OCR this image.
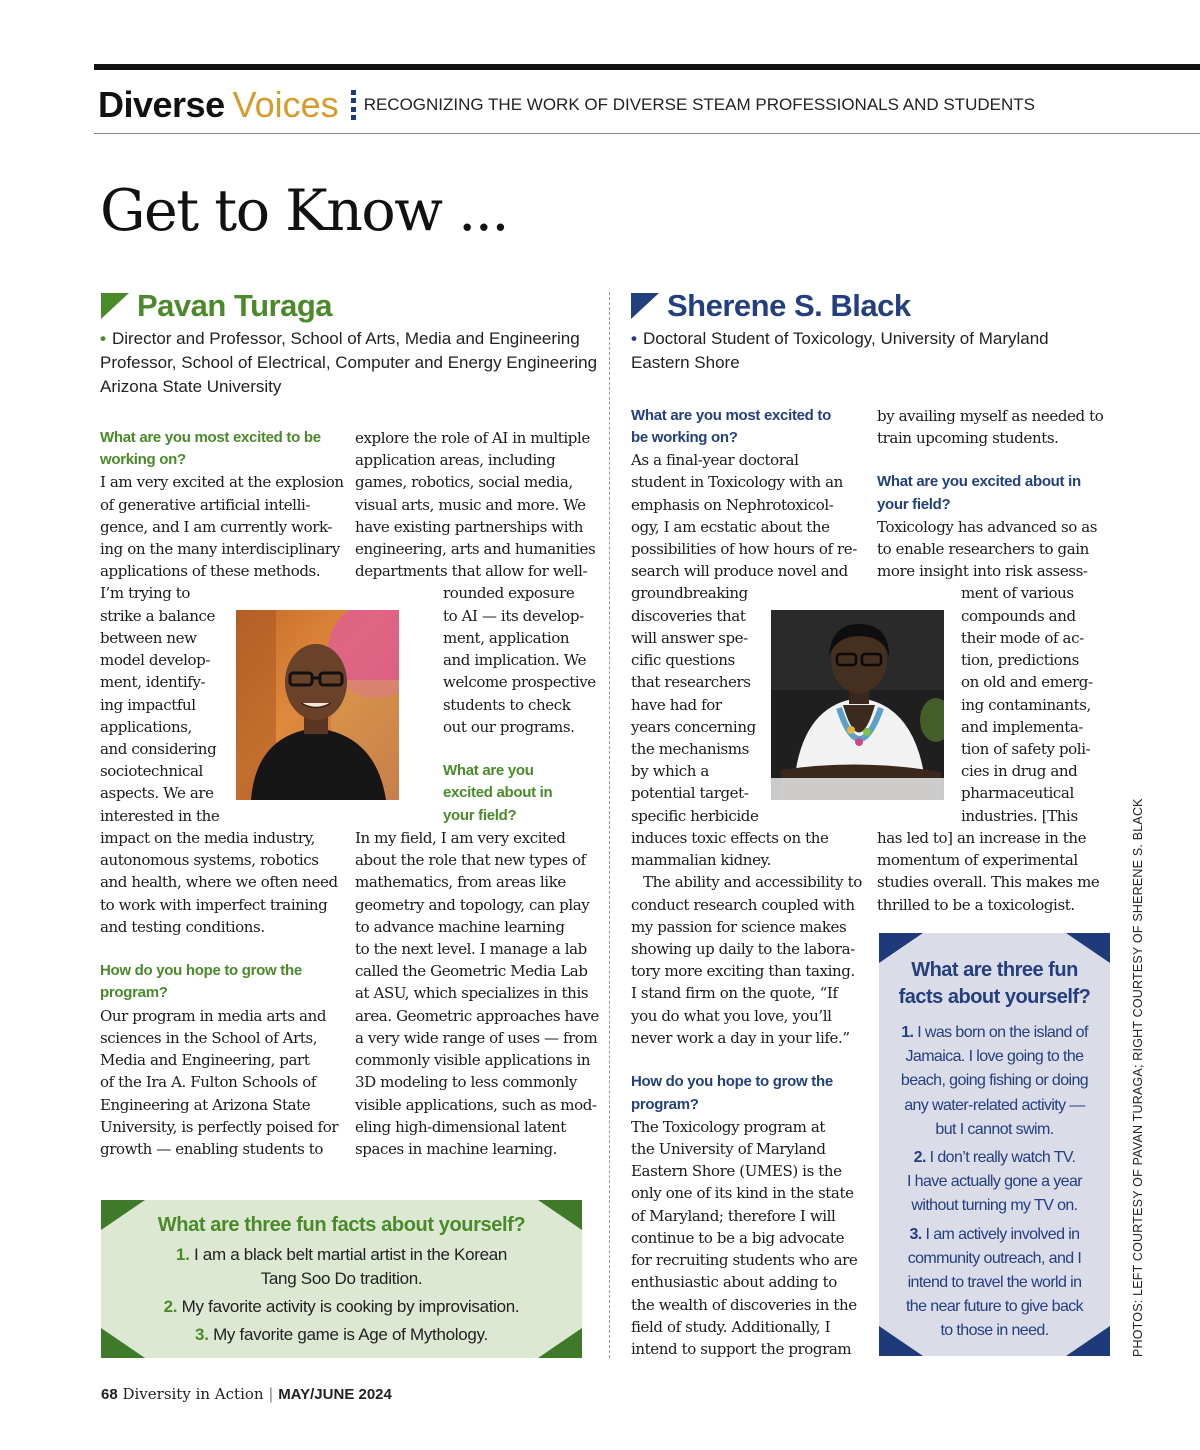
Diverse Voices RECOGNIZING THE WORK OF DIVERSE STEAM PROFESSIONALS AND STUDENTS
Get to Know ...
Pavan Turaga
• Director and Professor, School of Arts, Media and Engineering
Professor, School of Electrical, Computer and Energy Engineering
Arizona State University
What are you most excited to be
working on?
I am very excited at the explosion
of generative artificial intelli-
gence, and I am currently work-
ing on the many interdisciplinary
applications of these methods.
I’m trying to
strike a balance
between new
model develop-
ment, identify-
ing impactful
applications,
and considering
sociotechnical
aspects. We are
interested in the
impact on the media industry,
autonomous systems, robotics
and health, where we often need
to work with imperfect training
and testing conditions.
How do you hope to grow the
program?
Our program in media arts and
sciences in the School of Arts,
Media and Engineering, part
of the Ira A. Fulton Schools of
Engineering at Arizona State
University, is perfectly poised for
growth — enabling students to
explore the role of AI in multiple
application areas, including
games, robotics, social media,
visual arts, music and more. We
have existing partnerships with
engineering, arts and humanities
departments that allow for well-
rounded exposure
to AI — its develop-
ment, application
and implication. We
welcome prospective
students to check
out our programs.
What are you
excited about in
your field?
In my field, I am very excited
about the role that new types of
mathematics, from areas like
geometry and topology, can play
to advance machine learning
to the next level. I manage a lab
called the Geometric Media Lab
at ASU, which specializes in this
area. Geometric approaches have
a very wide range of uses — from
commonly visible applications in
3D modeling to less commonly
visible applications, such as mod-
eling high-dimensional latent
spaces in machine learning.
What are three fun facts about yourself?
1. I am a black belt martial artist in the Korean
Tang Soo Do tradition.
2. My favorite activity is cooking by improvisation.
3. My favorite game is Age of Mythology.
Sherene S. Black
• Doctoral Student of Toxicology, University of Maryland
Eastern Shore
What are you most excited to
be working on?
As a final-year doctoral
student in Toxicology with an
emphasis on Nephrotoxicol-
ogy, I am ecstatic about the
possibilities of how hours of re-
search will produce novel and
groundbreaking
discoveries that
will answer spe-
cific questions
that researchers
have had for
years concerning
the mechanisms
by which a
potential target-
specific herbicide
induces toxic effects on the
mammalian kidney.
The ability and accessibility to
conduct research coupled with
my passion for science makes
showing up daily to the labora-
tory more exciting than taxing.
I stand firm on the quote, “If
you do what you love, you’ll
never work a day in your life.”
How do you hope to grow the
program?
The Toxicology program at
the University of Maryland
Eastern Shore (UMES) is the
only one of its kind in the state
of Maryland; therefore I will
continue to be a big advocate
for recruiting students who are
enthusiastic about adding to
the wealth of discoveries in the
field of study. Additionally, I
intend to support the program
by availing myself as needed to
train upcoming students.
What are you excited about in
your field?
Toxicology has advanced so as
to enable researchers to gain
more insight into risk assess-
ment of various
compounds and
their mode of ac-
tion, predictions
on old and emerg-
ing contaminants,
and implementa-
tion of safety poli-
cies in drug and
pharmaceutical
industries. [This
has led to] an increase in the
momentum of experimental
studies overall. This makes me
thrilled to be a toxicologist.
What are three fun
facts about yourself?
1. I was born on the island of
Jamaica. I love going to the
beach, going fishing or doing
any water-related activity —
but I cannot swim.
2. I don’t really watch TV.
I have actually gone a year
without turning my TV on.
3. I am actively involved in
community outreach, and I
intend to travel the world in
the near future to give back
to those in need.
68 Diversity in Action | MAY/JUNE 2024
PHOTOS: LEFT COURTESY OF PAVAN TURAGA; RIGHT COURTESY OF SHERENE S. BLACK
